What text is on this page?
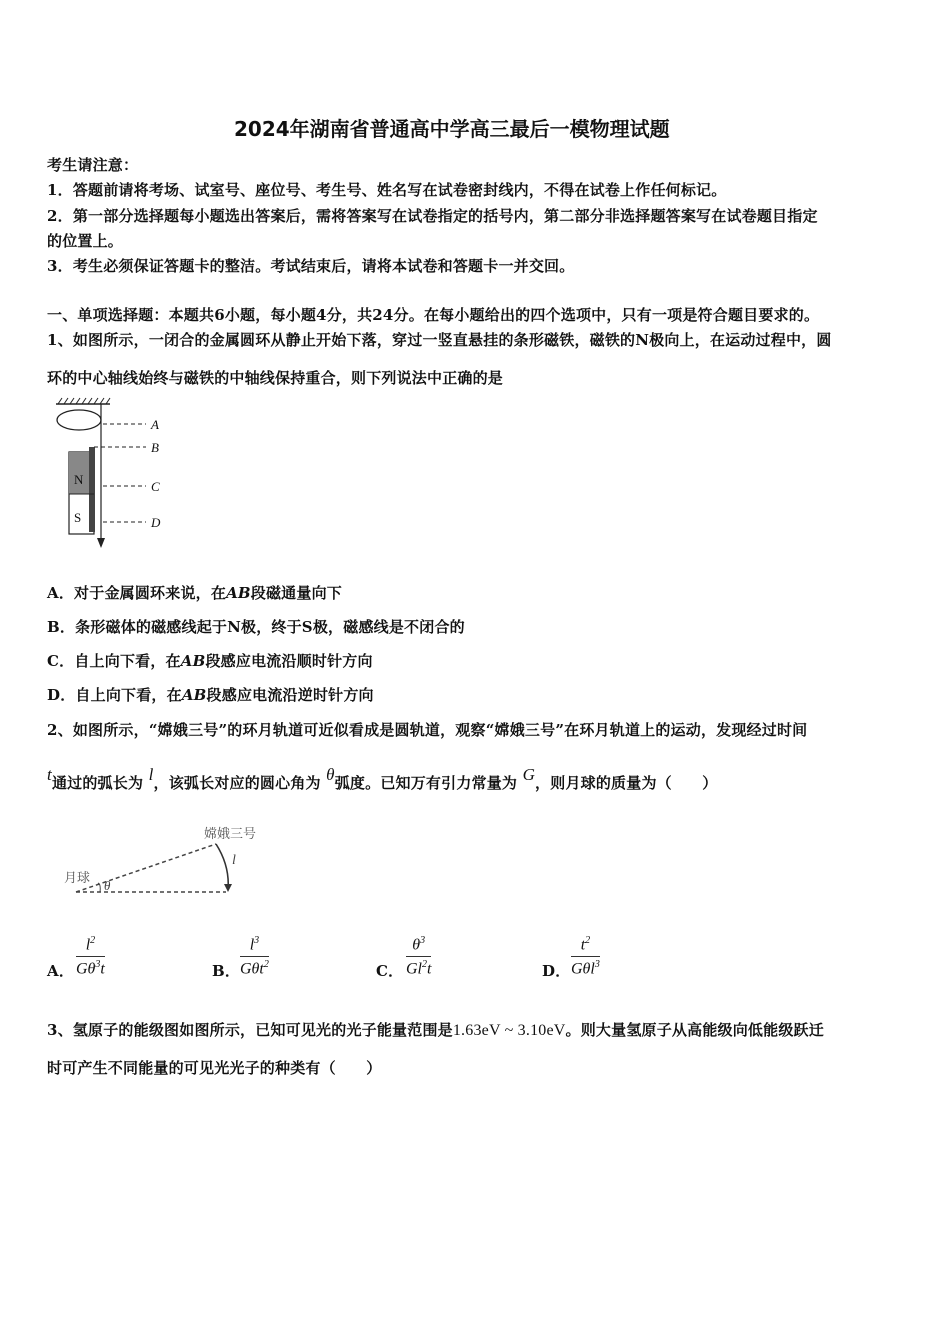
2024年湖南省普通高中学高三最后一模物理试题
考生请注意：
1．答题前请将考场、试室号、座位号、考生号、姓名写在试卷密封线内，不得在试卷上作任何标记。
2．第一部分选择题每小题选出答案后，需将答案写在试卷指定的括号内，第二部分非选择题答案写在试卷题目指定
的位置上。
3．考生必须保证答题卡的整洁。考试结束后，请将本试卷和答题卡一并交回。
一、单项选择题：本题共6小题，每小题4分，共24分。在每小题给出的四个选项中，只有一项是符合题目要求的。
1、如图所示，一闭合的金属圆环从静止开始下落，穿过一竖直悬挂的条形磁铁，磁铁的N极向上，在运动过程中，圆
环的中心轴线始终与磁铁的中轴线保持重合，则下列说法中正确的是
N
S
A
B
C
D
A．对于金属圆环来说，在AB段磁通量向下
B．条形磁体的磁感线起于N极，终于S极，磁感线是不闭合的
C．自上向下看，在AB段感应电流沿顺时针方向
D．自上向下看，在AB段感应电流沿逆时针方向
2、如图所示，“嫦娥三号”的环月轨道可近似看成是圆轨道，观察“嫦娥三号”在环月轨道上的运动，发现经过时间
t通过的弧长为 l，该弧长对应的圆心角为 θ弧度。已知万有引力常量为 G，则月球的质量为（　　）
月球
嫦娥三号
θ
l
A． $\frac{l^2}{G\theta^3t}$	B．
$l^3$
Gθt$^2$	C． $\frac{\theta^3}{Gl^2t}$	D．
$t^2$
Gθl$^3$
3、氢原子的能级图如图所示，已知可见光的光子能量范围是1.63eV ~ 3.10eV。则大量氢原子从高能级向低能级跃迁
时可产生不同能量的可见光光子的种类有（　　）
